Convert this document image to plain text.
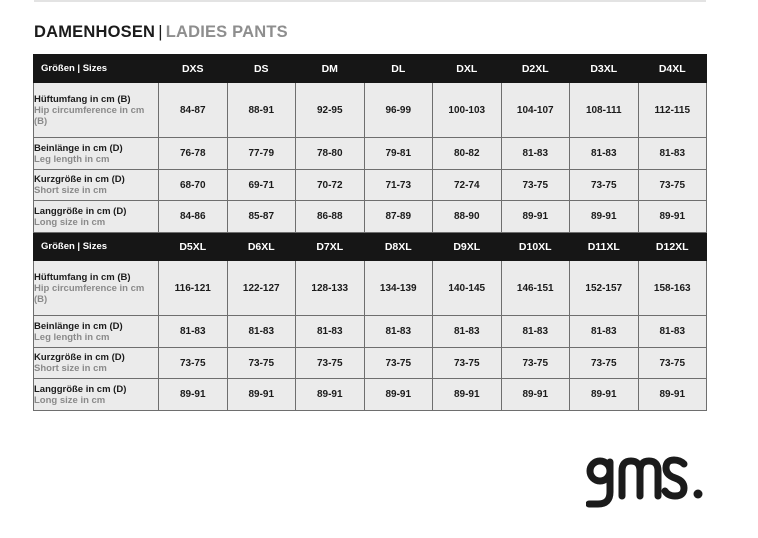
DAMENHOSEN | LADIES PANTS
Größen | Sizes	DXS	DS	DM	DL	DXL	D2XL	D3XL	D4XL

Hüftumfang in cm (B)
Hip circumference in cm (B)	84-87	88-91	92-95	96-99	100-103	104-107	108-111	112-115

Beinlänge in cm (D)
Leg length in cm	76-78	77-79	78-80	79-81	80-82	81-83	81-83	81-83

Kurzgröße in cm (D)
Short size in cm	68-70	69-71	70-72	71-73	72-74	73-75	73-75	73-75

Langgröße in cm (D)
Long size in cm	84-86	85-87	86-88	87-89	88-90	89-91	89-91	89-91
Größen | Sizes	D5XL	D6XL	D7XL	D8XL	D9XL	D10XL	D11XL	D12XL

Hüftumfang in cm (B)
Hip circumference in cm (B)	116-121	122-127	128-133	134-139	140-145	146-151	152-157	158-163

Beinlänge in cm (D)
Leg length in cm	81-83	81-83	81-83	81-83	81-83	81-83	81-83	81-83

Kurzgröße in cm (D)
Short size in cm	73-75	73-75	73-75	73-75	73-75	73-75	73-75	73-75

Langgröße in cm (D)
Long size in cm	89-91	89-91	89-91	89-91	89-91	89-91	89-91	89-91
